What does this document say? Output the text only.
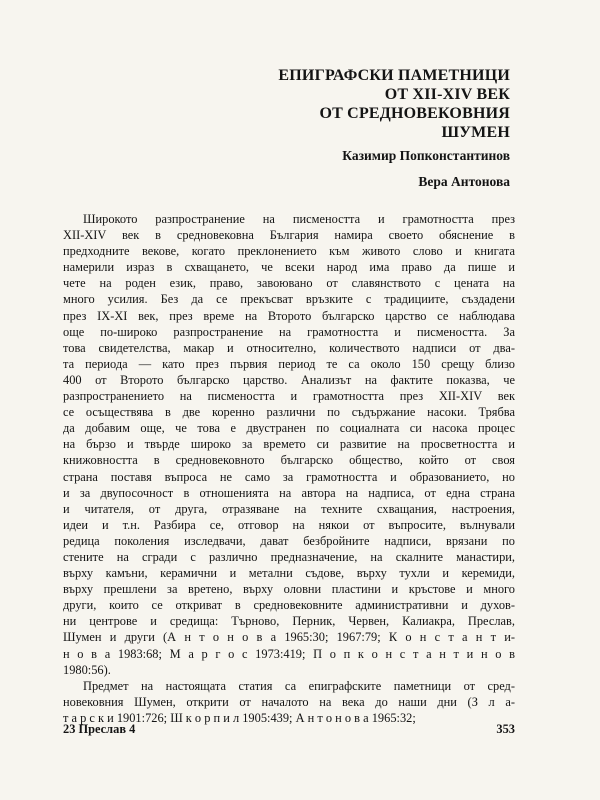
ЕПИГРАФСКИ ПАМЕТНИЦИ
ОТ XII-XIV ВЕК
ОТ СРЕДНОВЕКОВНИЯ
ШУМЕН
Казимир Попконстантинов
Вера Антонова
Широкото разпространение на писмеността и грамотността през
XII-XIV век в средновековна България намира своето обяснение в
предходните векове, когато преклонението към живото слово и книгата
намерили израз в схващането, че всеки народ има право да пише и
чете на роден език, право, завоювано от славянството с цената на
много усилия. Без да се прекъсват връзките с традициите, създадени
през IX-XI век, през време на Второто българско царство се наблюдава
още по-широко разпространение на грамотността и писмеността. За
това свидетелства, макар и относително, количеството надписи от два-
та периода — като през първия период те са около 150 срещу близо
400 от Второто българско царство. Анализът на фактите показва, че
разпространението на писмеността и грамотността през XII-XIV век
се осъществява в две коренно различни по съдържание насоки. Трябва
да добавим още, че това е двустранен по социалната си насока процес
на бързо и твърде широко за времето си развитие на просветността и
книжовността в средновековното българско общество, който от своя
страна поставя въпроса не само за грамотността и образованието, но
и за двупосочност в отношенията на автора на надписа, от една страна
и читателя, от друга, отразяване на техните схващания, настроения,
идеи и т.н. Разбира се, отговор на някои от въпросите, вълнували
редица поколения изследвачи, дават безбройните надписи, врязани по
стените на сгради с различно предназначение, на скалните манастири,
върху камъни, керамични и метални съдове, върху тухли и керемиди,
върху прешлени за вретено, върху оловни пластини и кръстове и много
други, които се откриват в средновековните административни и духов-
ни центрове и средища: Търново, Перник, Червен, Калиакра, Преслав,
Шумен и други (А н т о н о в а 1965:30; 1967:79; К о н с т а н т и-
н о в а 1983:68; М а р г о с 1973:419; П о п к о н с т а н т и н о в
1980:56).
Предмет на настоящата статия са епиграфските паметници от сред-
новековния Шумен, открити от началото на века до наши дни (З л а-
т а р с к и 1901:726; Ш к о р п и л 1905:439; А н т о н о в а 1965:32;
23 Преслав 4	353
